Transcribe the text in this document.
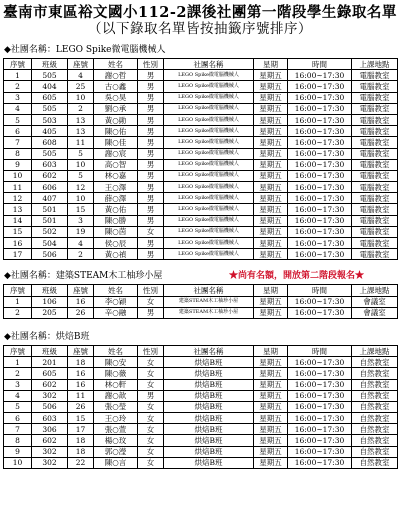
臺南市東區裕文國小112-2課後社團第一階段學生錄取名單
（以下錄取名單皆按抽籤序號排序）
◆社團名稱：LEGO Spike微電腦機械人
序號	班級	座號	姓名	性別	社團名稱	星期	時間	上課地點
1	505	4	謝○哲	男	LEGO Spike微電腦機械人	星期五	16:00~17:30	電腦教室
2	404	25	古○鑫	男	LEGO Spike微電腦機械人	星期五	16:00~17:30	電腦教室
3	605	10	吳○昊	男	LEGO Spike微電腦機械人	星期五	16:00~17:30	電腦教室
4	505	2	劉○承	男	LEGO Spike微電腦機械人	星期五	16:00~17:30	電腦教室
5	503	13	黃○勛	男	LEGO Spike微電腦機械人	星期五	16:00~17:30	電腦教室
6	405	13	陳○佑	男	LEGO Spike微電腦機械人	星期五	16:00~17:30	電腦教室
7	608	11	陳○佳	男	LEGO Spike微電腦機械人	星期五	16:00~17:30	電腦教室
8	505	5	謝○宸	男	LEGO Spike微電腦機械人	星期五	16:00~17:30	電腦教室
9	603	10	高○智	男	LEGO Spike微電腦機械人	星期五	16:00~17:30	電腦教室
10	602	5	林○嘉	男	LEGO Spike微電腦機械人	星期五	16:00~17:30	電腦教室
11	606	12	王○澤	男	LEGO Spike微電腦機械人	星期五	16:00~17:30	電腦教室
12	407	10	薛○澤	男	LEGO Spike微電腦機械人	星期五	16:00~17:30	電腦教室
13	501	15	黃○佑	男	LEGO Spike微電腦機械人	星期五	16:00~17:30	電腦教室
14	501	3	陳○勝	男	LEGO Spike微電腦機械人	星期五	16:00~17:30	電腦教室
15	502	19	陳○茵	女	LEGO Spike微電腦機械人	星期五	16:00~17:30	電腦教室
16	504	4	侯○辰	男	LEGO Spike微電腦機械人	星期五	16:00~17:30	電腦教室
17	506	2	黃○禎	男	LEGO Spike微電腦機械人	星期五	16:00~17:30	電腦教室
◆社團名稱：建築STEAM木工柚珍小屋	★尚有名額，開放第二階段報名★
序號	班級	座號	姓名	性別	社團名稱	星期	時間	上課地點
1	106	16	李○穎	女	建築STEAM木工柚珍小屋	星期五	16:00~17:30	會議室
2	205	26	辛○融	男	建築STEAM木工柚珍小屋	星期五	16:00~17:30	會議室
◆社團名稱：烘焙B班
序號	班級	座號	姓名	性別	社團名稱	星期	時間	上課地點
1	201	18	陳○安	女	烘焙B班	星期五	16:00~17:30	自然教室
2	605	16	陳○薇	女	烘焙B班	星期五	16:00~17:30	自然教室
3	602	16	林○軒	女	烘焙B班	星期五	16:00~17:30	自然教室
4	302	11	謝○歆	男	烘焙B班	星期五	16:00~17:30	自然教室
5	506	26	張○瑩	女	烘焙B班	星期五	16:00~17:30	自然教室
6	603	15	王○玲	女	烘焙B班	星期五	16:00~17:30	自然教室
7	306	17	張○萱	女	烘焙B班	星期五	16:00~17:30	自然教室
8	602	18	楊○玟	女	烘焙B班	星期五	16:00~17:30	自然教室
9	302	18	郭○瀅	女	烘焙B班	星期五	16:00~17:30	自然教室
10	302	22	陳○言	女	烘焙B班	星期五	16:00~17:30	自然教室
